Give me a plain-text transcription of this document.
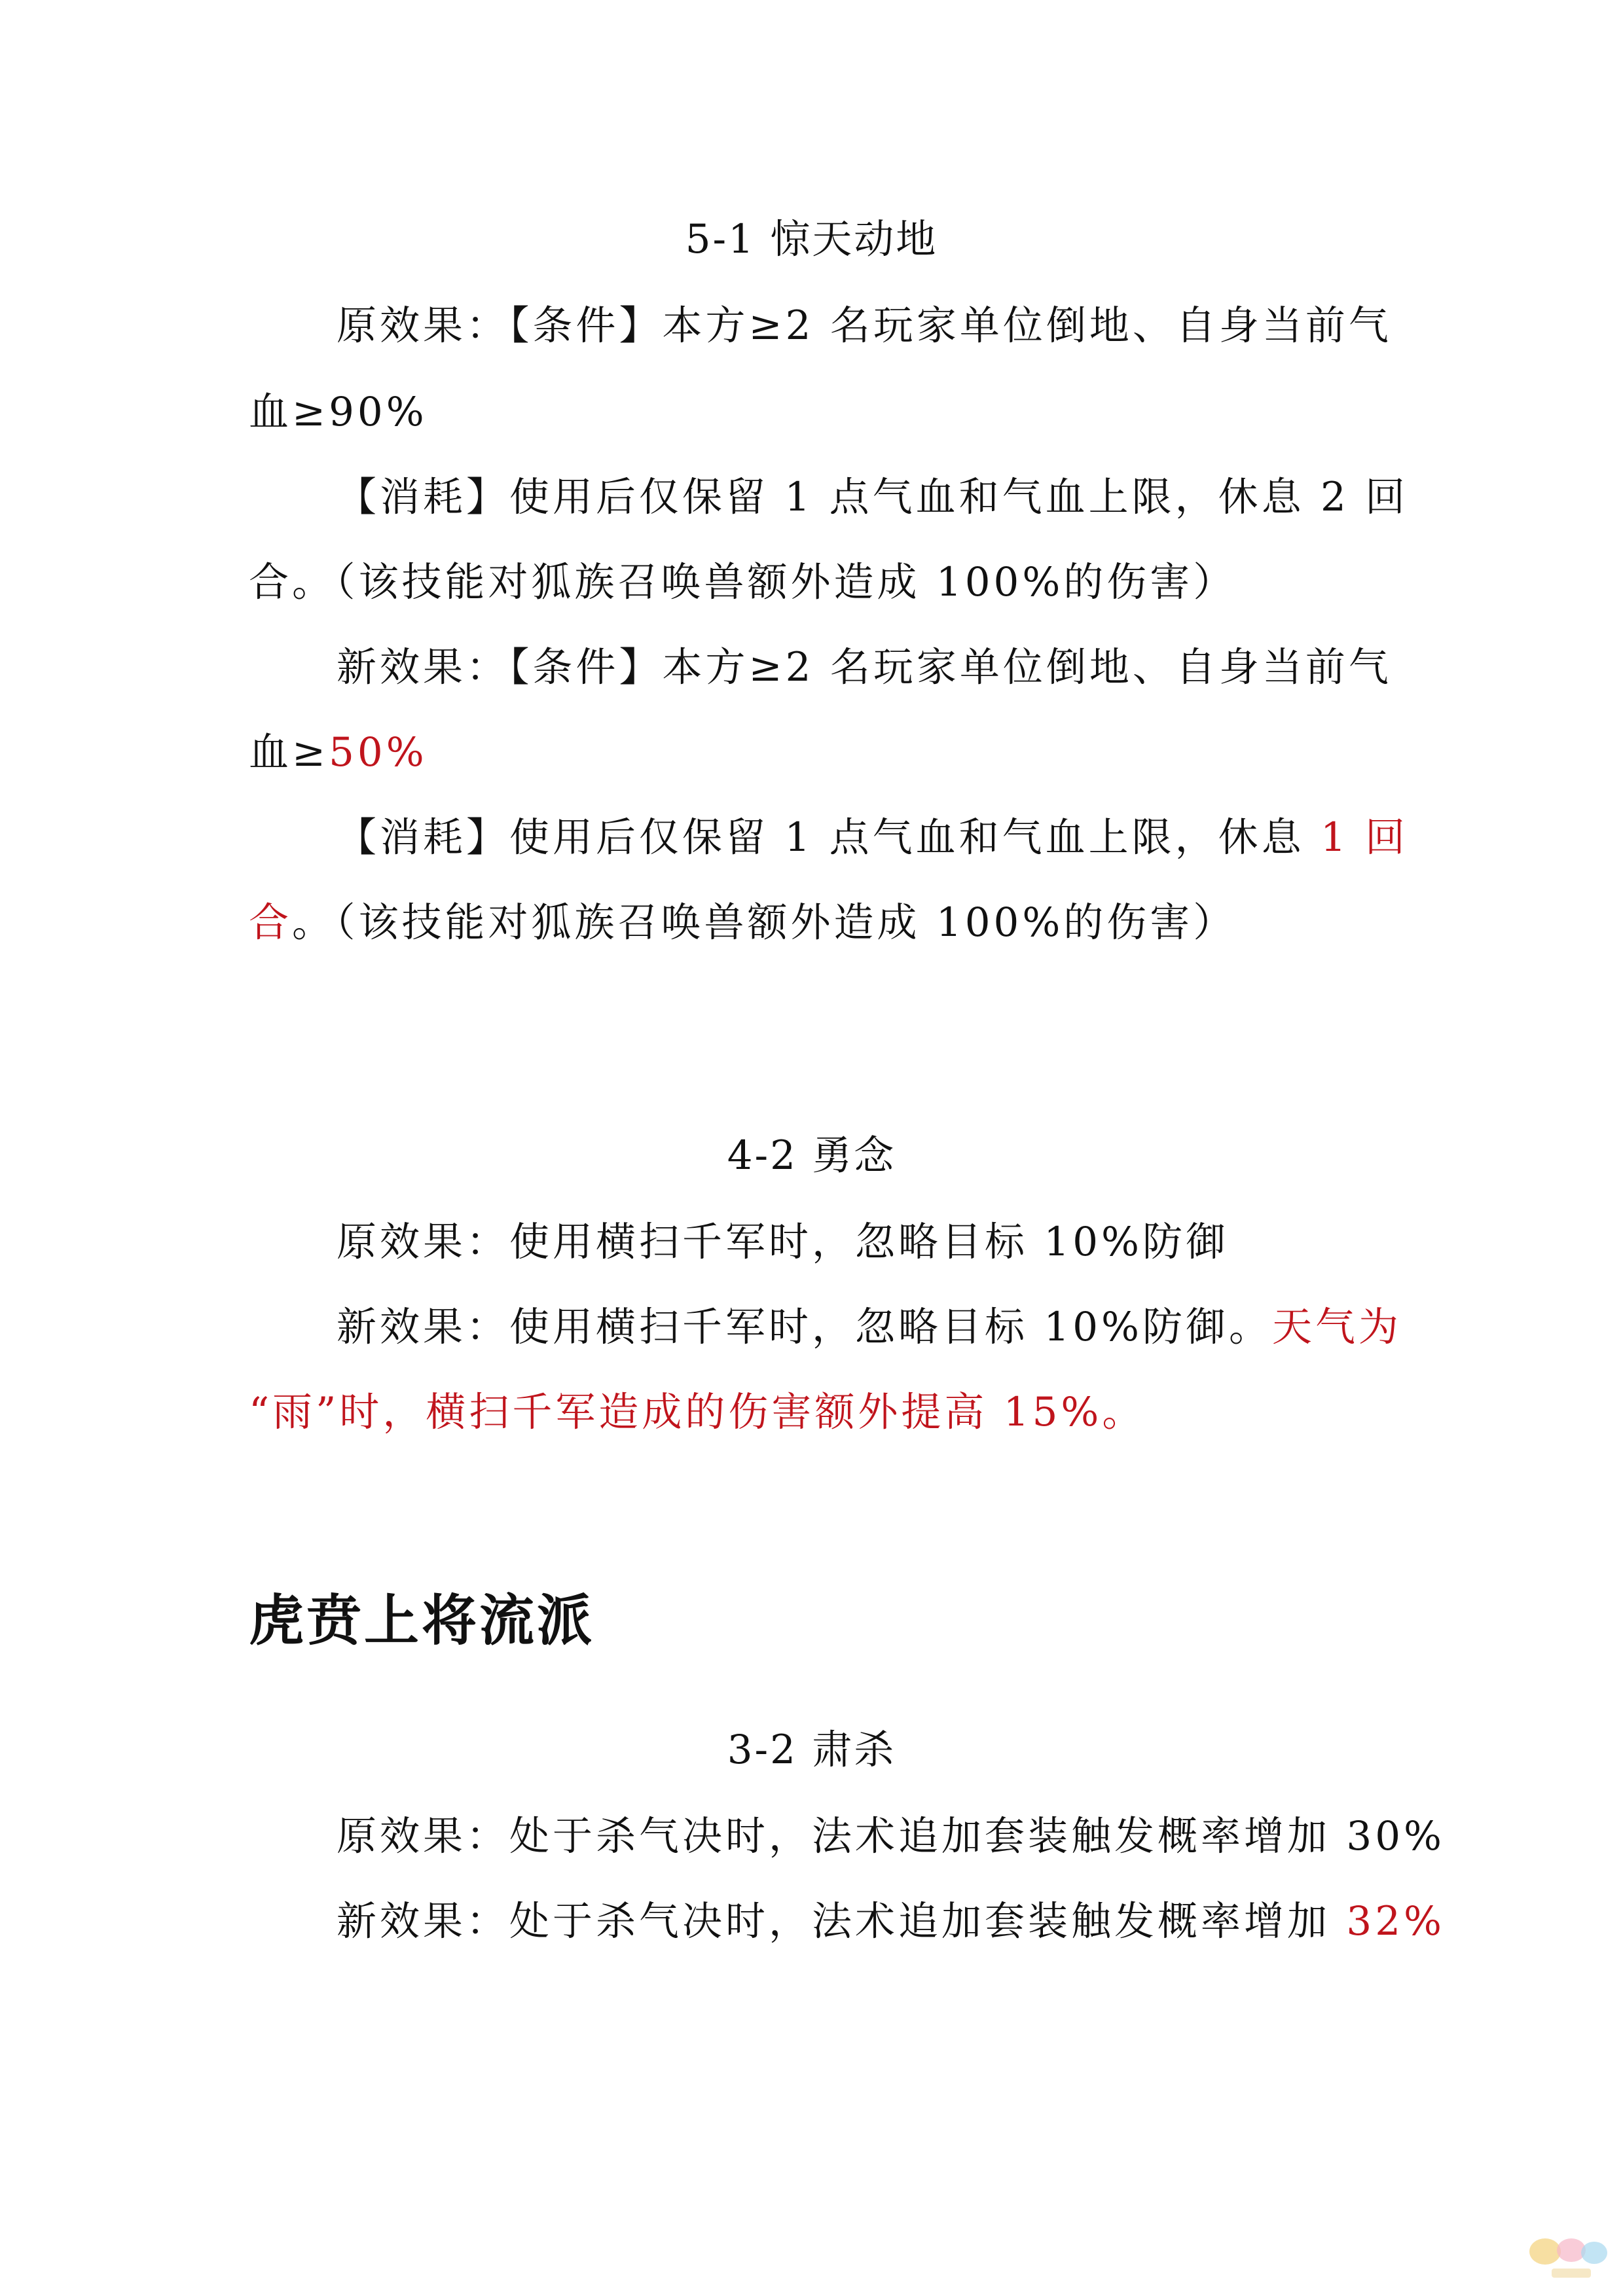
5-1 惊天动地
原效果：【条件】本方≥2 名玩家单位倒地、自身当前气
血≥90%
【消耗】使用后仅保留 1 点气血和气血上限，休息 2 回
合。（该技能对狐族召唤兽额外造成 100%的伤害）
新效果：【条件】本方≥2 名玩家单位倒地、自身当前气
血≥50%
【消耗】使用后仅保留 1 点气血和气血上限，休息 1 回
合。（该技能对狐族召唤兽额外造成 100%的伤害）
4-2 勇念
原效果：使用横扫千军时，忽略目标 10%防御
新效果：使用横扫千军时，忽略目标 10%防御。天气为
“雨”时，横扫千军造成的伤害额外提高 15%。
虎贲上将流派
3-2 肃杀
原效果：处于杀气决时，法术追加套装触发概率增加 30%
新效果：处于杀气决时，法术追加套装触发概率增加 32%
